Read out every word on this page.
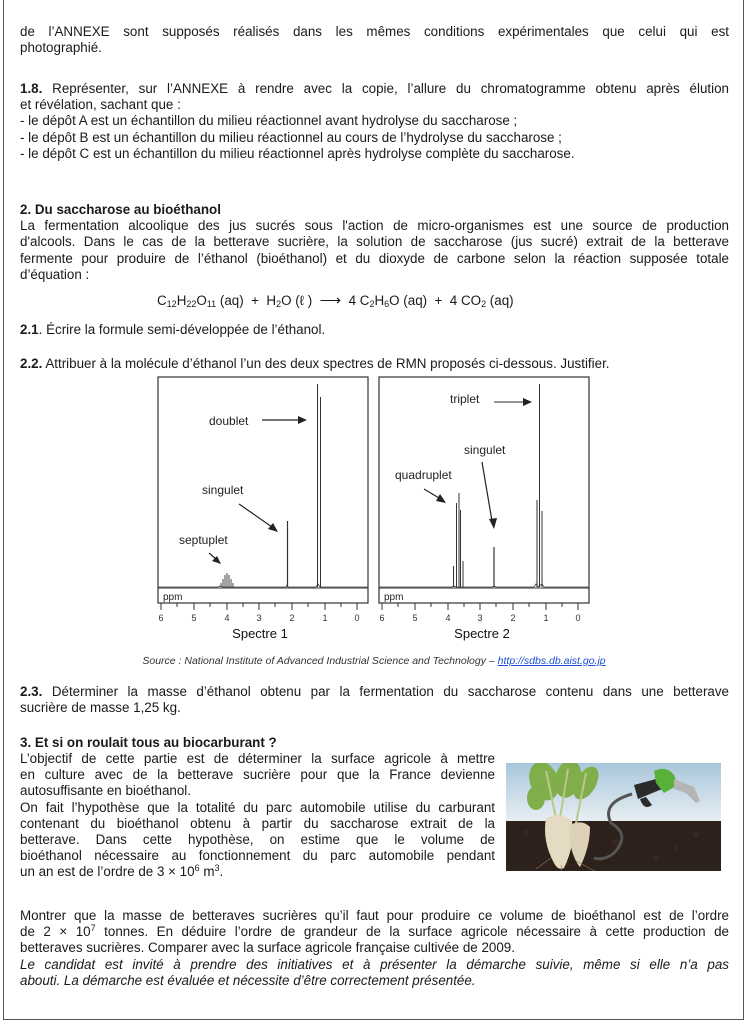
de l’ANNEXE sont supposés réalisés dans les mêmes conditions expérimentales que celui qui est
photographié.
1.8. Représenter, sur l’ANNEXE à rendre avec la copie, l’allure du chromatogramme obtenu après élution
et révélation, sachant que :
- le dépôt A est un échantillon du milieu réactionnel avant hydrolyse du saccharose ;
- le dépôt B est un échantillon du milieu réactionnel au cours de l’hydrolyse du saccharose ;
- le dépôt C est un échantillon du milieu réactionnel après hydrolyse complète du saccharose.
2. Du saccharose au bioéthanol
La fermentation alcoolique des jus sucrés sous l'action de micro-organismes est une source de production
d'alcools. Dans le cas de la betterave sucrière, la solution de saccharose (jus sucré) extrait de la betterave
fermente pour produire de l’éthanol (bioéthanol) et du dioxyde de carbone selon la réaction supposée totale
d’équation :
$C_{12}H_{22}O_{11}$ $(aq) + H_2O$ (ℓ )  ⟶  4 $C_2H_6O$ (aq)  +  4 $CO_2$ (aq)
2.1. Écrire la formule semi-développée de l’éthanol.
2.2. Attribuer à la molécule d’éthanol l’un des deux spectres de RMN proposés ci-dessous. Justifier.
doublet
singulet
septuplet
ppm
6	5	4	3	2	1	0
Spectre 1
triplet
singulet
quadruplet
ppm
6	5	4	3	2	1	0
Spectre 2
Source : National Institute of Advanced Industrial Science and Technology – http://sdbs.db.aist.go.jp
2.3. Déterminer la masse d’éthanol obtenu par la fermentation du saccharose contenu dans une betterave
sucrière de masse 1,25 kg.
3. Et si on roulait tous au biocarburant ?
L’objectif de cette partie est de déterminer la surface agricole à mettre
en culture avec de la betterave sucrière pour que la France devienne
autosuffisante en bioéthanol.
On fait l’hypothèse que la totalité du parc automobile utilise du carburant
contenant du bioéthanol obtenu à partir du saccharose extrait de la
betterave. Dans cette hypothèse, on estime que le volume de
bioéthanol nécessaire au fonctionnement du parc automobile pendant
un an est de l’ordre de $3 \times 10^6$ $m^3$.
Montrer que la masse de betteraves sucrières qu’il faut pour produire ce volume de bioéthanol est de l’ordre
de $2 \times 10^7$ tonnes. En déduire l’ordre de grandeur de la surface agricole nécessaire à cette production de
betteraves sucrières. Comparer avec la surface agricole française cultivée de 2009.
Le candidat est invité à prendre des initiatives et à présenter la démarche suivie, même si elle n’a pas
abouti. La démarche est évaluée et nécessite d’être correctement présentée.
